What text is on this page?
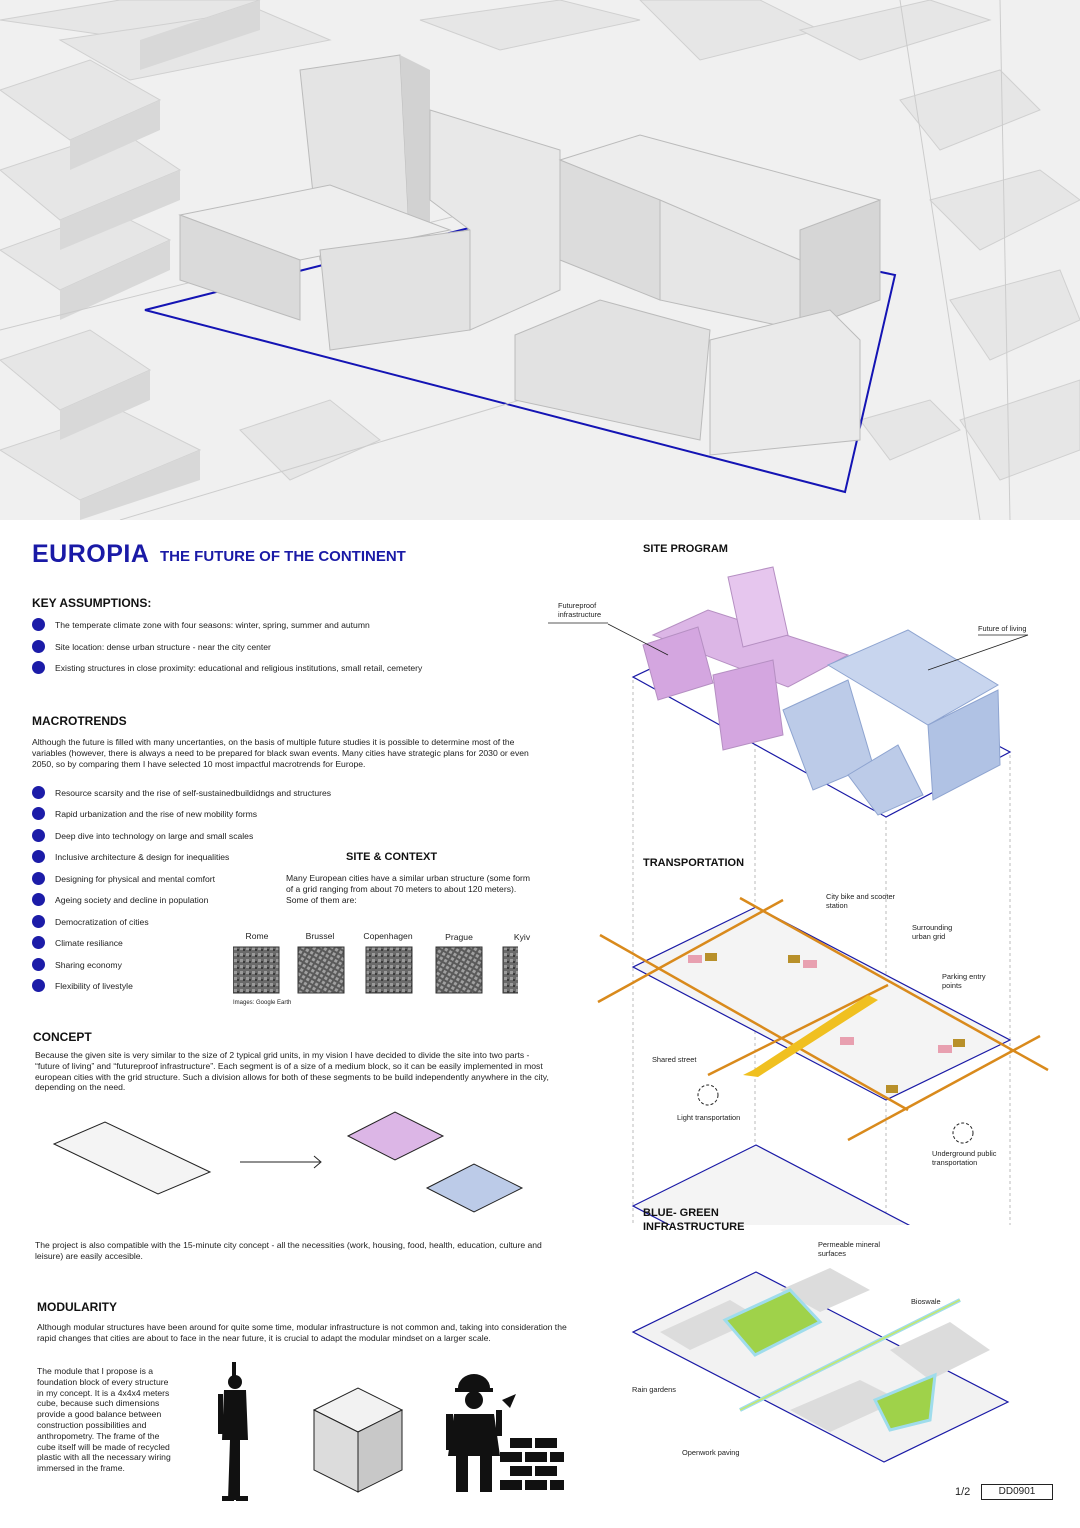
EUROPIA THE FUTURE OF THE CONTINENT
KEY ASSUMPTIONS:
The temperate climate zone with four seasons: winter, spring, summer and autumn
Site location: dense urban structure - near the city center
Existing structures in close proximity: educational and religious institutions, small retail, cemetery
MACROTRENDS
Although the future is filled with many uncertanties, on the basis of multiple future studies it is possible to determine most of the variables (however, there is always a need to be prepared for black swan events. Many cities have strategic plans for 2030 or even 2050, so by comparing them I have selected 10 most impactful macrotrends for Europe.
Resource scarsity and the rise of self-sustainedbuildidngs and structures
Rapid urbanization and the rise of new mobility forms
Deep dive into technology on large and small scales
Inclusive architecture & design for inequalities
Designing for physical and mental comfort
Ageing society and decline in population
Democratization of cities
Climate resiliance
Sharing economy
Flexibility of livestyle
SITE & CONTEXT
Many European cities have a similar urban structure (some form of a grid ranging from about 70 meters to about 120 meters). Some of them are:
Rome	Brussel	Copenhagen	Prague	Kyiv
Images: Google Earth
CONCEPT
Because the given site is very similar to the size of 2 typical grid units, in my vision I have decided to divide the site into two parts - “future of living” and “futureproof infrastructure”. Each segment is of a size of a medium block, so it can be easily implemented in most european cities with the grid structure. Such a division allows for both of these segments to be build independently anywhere in the city, depending on the need.
The project is also compatible with the 15-minute city concept - all the necessities (work, housing, food, health, education, culture and leisure) are easily accesible.
MODULARITY
Although modular structures have been around for quite some time, modular infrastructure is not common and, taking into consideration the rapid changes that cities are about to face in the near future, it is crucial to adapt the modular mindset on a larger scale.
The module that I propose is a foundation block of every structure in my concept. It is a 4x4x4 meters cube, because such dimensions provide a good balance between construction possibilities and anthropometry. The frame of the cube itself will be made of recycled plastic with all the necessary wiring immersed in the frame.
SITE PROGRAM
Futureproof infrastructure
Future of living
TRANSPORTATION
City bike and scooter station
Surrounding urban grid
Parking entry points
Shared street
Light transportation
Underground public transportation
BLUE- GREEN
INFRASTRUCTURE
Permeable mineral surfaces
Bioswale
Rain gardens
Openwork paving
1/2	DD0901
